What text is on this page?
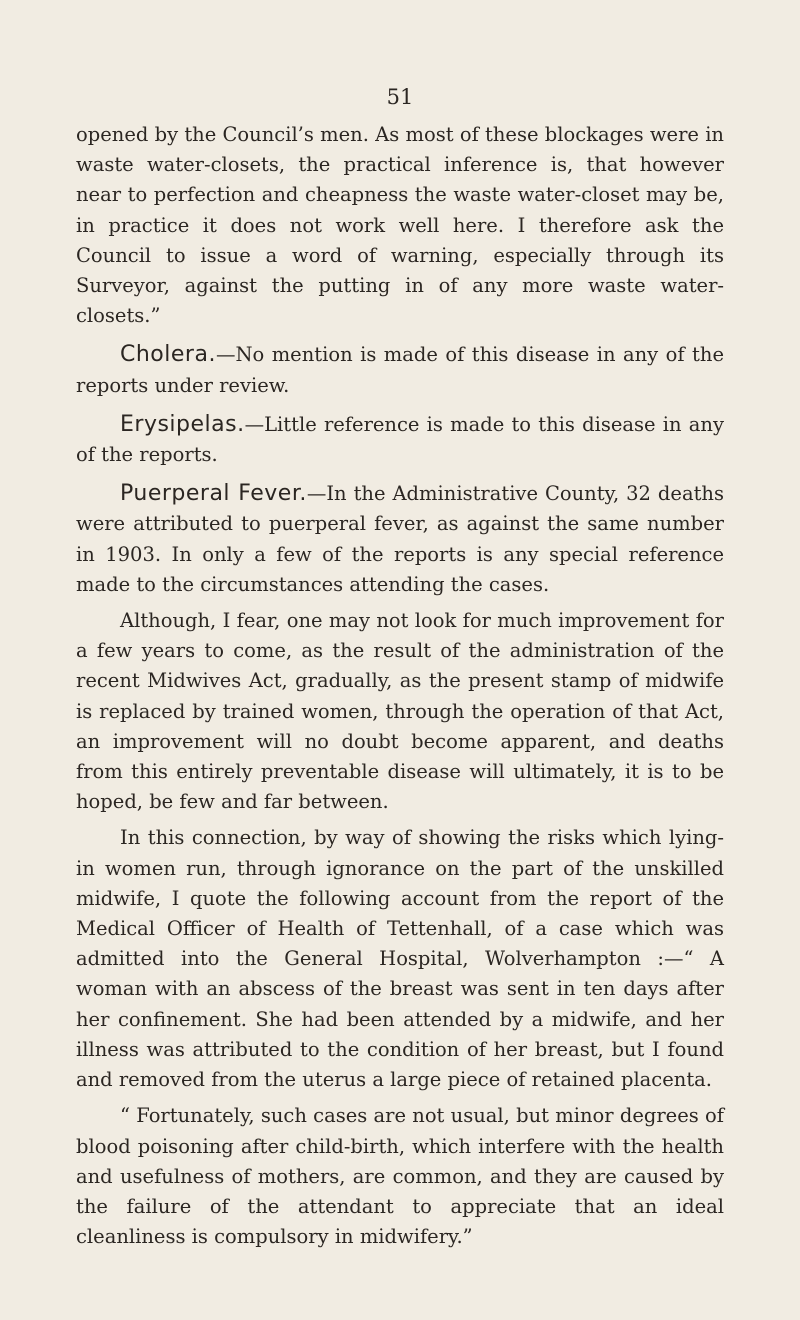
51

opened by the Council’s men. As most of these blockages were in waste water-closets, the practical inference is, that however near to perfection and cheapness the waste water-closet may be, in practice it does not work well here. I therefore ask the Council to issue a word of warning, especially through its Surveyor, against the putting in of any more waste water-closets.”

Cholera.—No mention is made of this disease in any of the reports under review.

Erysipelas.—Little reference is made to this disease in any of the reports.

Puerperal Fever.—In the Administrative County, 32 deaths were attributed to puerperal fever, as against the same number in 1903. In only a few of the reports is any special reference made to the circumstances attending the cases.

Although, I fear, one may not look for much improvement for a few years to come, as the result of the administration of the recent Midwives Act, gradually, as the present stamp of midwife is replaced by trained women, through the operation of that Act, an improvement will no doubt become apparent, and deaths from this entirely preventable disease will ultimately, it is to be hoped, be few and far between.

In this connection, by way of showing the risks which lying-in women run, through ignorance on the part of the unskilled midwife, I quote the following account from the report of the Medical Officer of Health of Tettenhall, of a case which was admitted into the General Hospital, Wolverhampton :—“ A woman with an abscess of the breast was sent in ten days after her confinement. She had been attended by a midwife, and her illness was attributed to the condition of her breast, but I found and removed from the uterus a large piece of retained placenta.

“ Fortunately, such cases are not usual, but minor degrees of blood poisoning after child-birth, which interfere with the health and usefulness of mothers, are common, and they are caused by the failure of the attendant to appreciate that an ideal cleanliness is compulsory in midwifery.”
